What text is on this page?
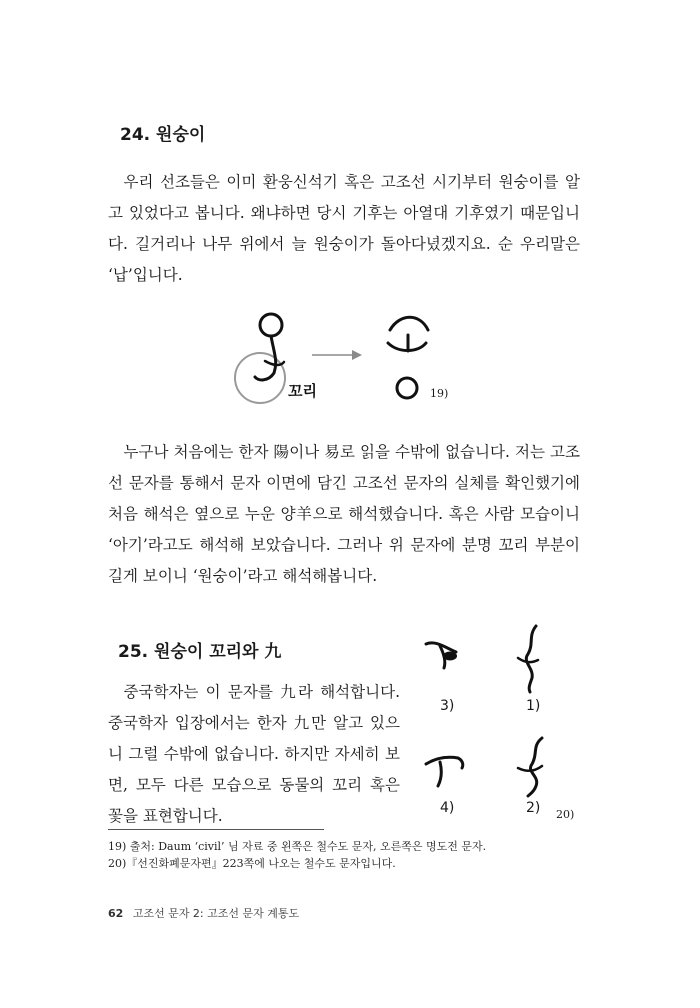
24. 원숭이

우리 선조들은 이미 환웅신석기 혹은 고조선 시기부터 원숭이를 알고 있었다고 봅니다. 왜냐하면 당시 기후는 아열대 기후였기 때문입니다. 길거리나 나무 위에서 늘 원숭이가 돌아다녔겠지요. 순 우리말은 ‘납’입니다.

꼬리	19)

누구나 처음에는 한자 陽이나 易로 읽을 수밖에 없습니다. 저는 고조선 문자를 통해서 문자 이면에 담긴 고조선 문자의 실체를 확인했기에 처음 해석은 옆으로 누운 양羊으로 해석했습니다. 혹은 사람 모습이니 ‘아기’라고도 해석해 보았습니다. 그러나 위 문자에 분명 꼬리 부분이 길게 보이니 ‘원숭이’라고 해석해봅니다.

25. 원숭이 꼬리와 九

중국학자는 이 문자를 九라 해석합니다. 중국학자 입장에서는 한자 九만 알고 있으니 그럴 수밖에 없습니다. 하지만 자세히 보면, 모두 다른 모습으로 동물의 꼬리 혹은 꽃을 표현합니다.

3)	1)
4)	2) 20)
19) 출처: Daum ‘civil’ 님 자료 중 왼쪽은 철수도 문자, 오른쪽은 명도전 문자.
20)『선진화폐문자편』223쪽에 나오는 철수도 문자입니다.
62 고조선 문자 2: 고조선 문자 계통도
